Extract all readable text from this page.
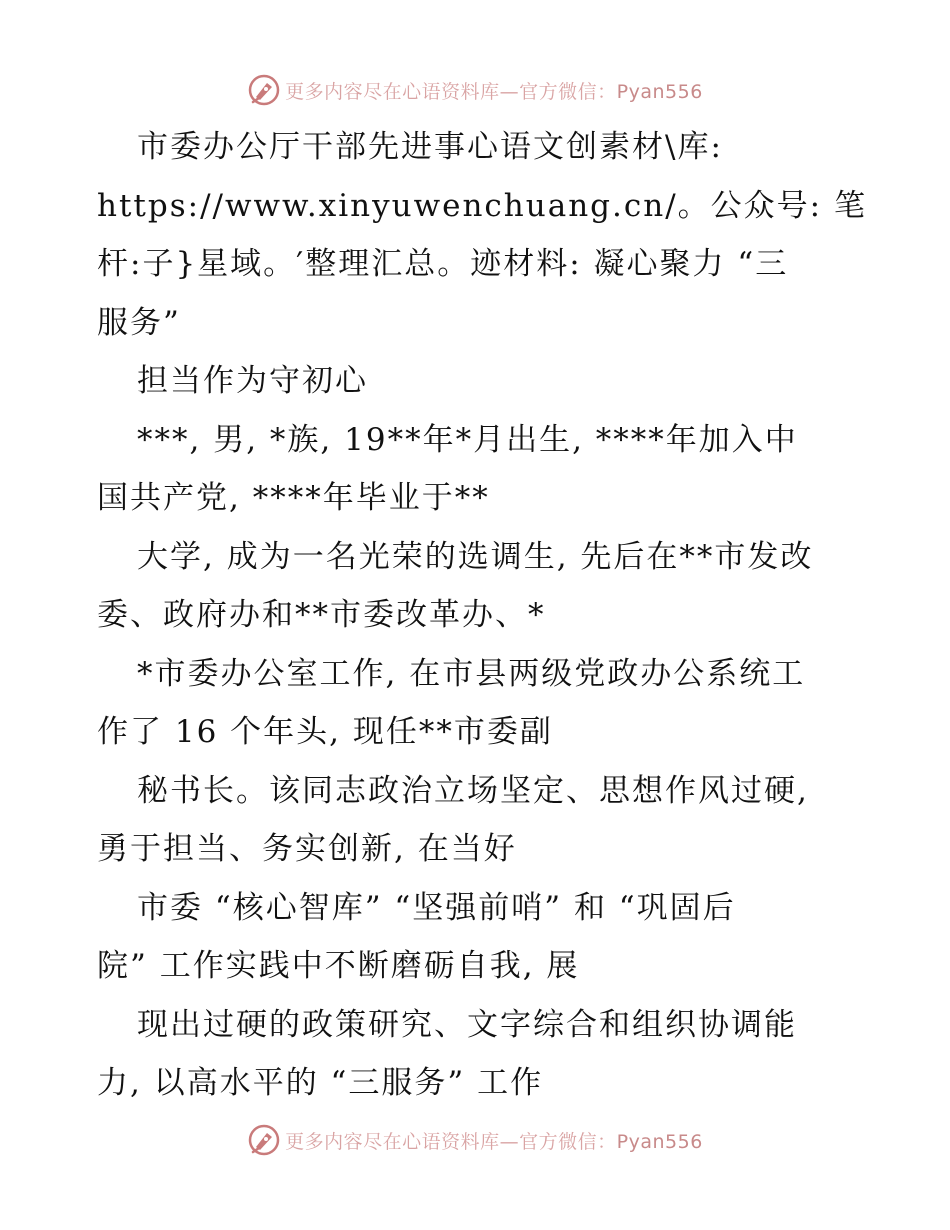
更多内容尽在心语资料库—官方微信：Pyan556
市委办公厅干部先进事心语文创素材\库:
https://www.xinyuwenchuang.cn/。公众号: 笔
杆:子}星域。′整理汇总。迹材料: 凝心聚力 “三
服务”
担当作为守初心
***, 男, *族, 19**年*月出生, ****年加入中
国共产党, ****年毕业于**
大学, 成为一名光荣的选调生, 先后在**市发改
委、政府办和**市委改革办、*
*市委办公室工作, 在市县两级党政办公系统工
作了 16 个年头, 现任**市委副
秘书长。该同志政治立场坚定、思想作风过硬,
勇于担当、务实创新, 在当好
市委 “核心智库” “坚强前哨” 和 “巩固后
院” 工作实践中不断磨砺自我, 展
现出过硬的政策研究、文字综合和组织协调能
力, 以高水平的 “三服务” 工作
更多内容尽在心语资料库—官方微信：Pyan556
